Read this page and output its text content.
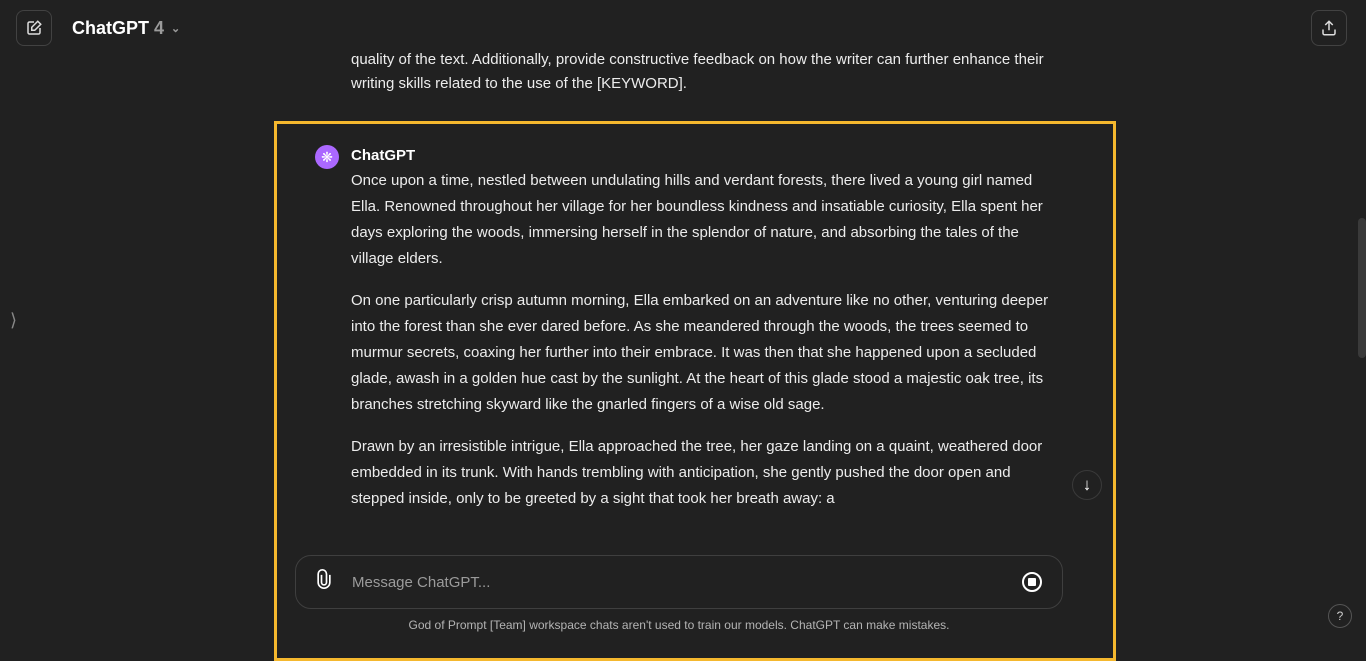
ChatGPT 4 ⌄
⟩
quality of the text. Additionally, provide constructive feedback on how the writer can further enhance their writing skills related to the use of the [KEYWORD].
❋	ChatGPT

Once upon a time, nestled between undulating hills and verdant forests, there lived a young girl named Ella. Renowned throughout her village for her boundless kindness and insatiable curiosity, Ella spent her days exploring the woods, immersing herself in the splendor of nature, and absorbing the tales of the village elders.

On one particularly crisp autumn morning, Ella embarked on an adventure like no other, venturing deeper into the forest than she ever dared before. As she meandered through the woods, the trees seemed to murmur secrets, coaxing her further into their embrace. It was then that she happened upon a secluded glade, awash in a golden hue cast by the sunlight. At the heart of this glade stood a majestic oak tree, its branches stretching skyward like the gnarled fingers of a wise old sage.

Drawn by an irresistible intrigue, Ella approached the tree, her gaze landing on a quaint, weathered door embedded in its trunk. With hands trembling with anticipation, she gently pushed the door open and stepped inside, only to be greeted by a sight that took her breath away: a

↓
Message ChatGPT...
God of Prompt [Team] workspace chats aren't used to train our models. ChatGPT can make mistakes.
?
